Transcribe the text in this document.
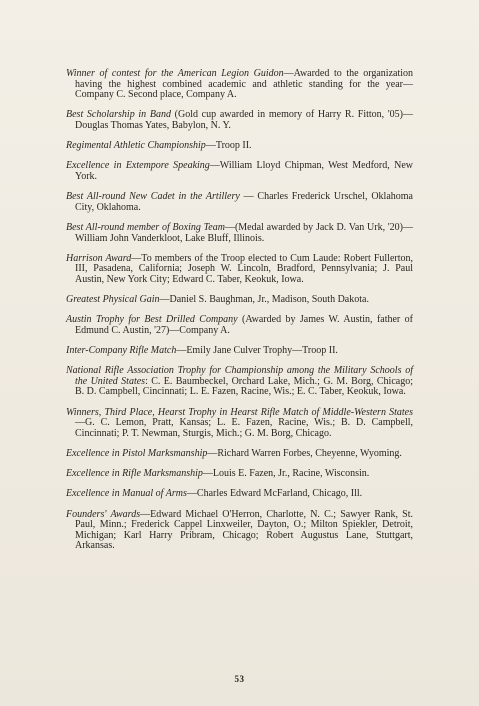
Winner of contest for the American Legion Guidon—Awarded to the organization having the highest combined academic and athletic standing for the year—Company C. Second place, Company A.
Best Scholarship in Band (Gold cup awarded in memory of Harry R. Fitton, '05)—Douglas Thomas Yates, Babylon, N. Y.
Regimental Athletic Championship—Troop II.
Excellence in Extempore Speaking—William Lloyd Chipman, West Medford, New York.
Best All-round New Cadet in the Artillery — Charles Frederick Urschel, Oklahoma City, Oklahoma.
Best All-round member of Boxing Team—(Medal awarded by Jack D. Van Urk, '20)—William John Vanderkloot, Lake Bluff, Illinois.
Harrison Award—To members of the Troop elected to Cum Laude: Robert Fullerton, III, Pasadena, California; Joseph W. Lincoln, Bradford, Pennsylvania; J. Paul Austin, New York City; Edward C. Taber, Keokuk, Iowa.
Greatest Physical Gain—Daniel S. Baughman, Jr., Madison, South Dakota.
Austin Trophy for Best Drilled Company (Awarded by James W. Austin, father of Edmund C. Austin, '27)—Company A.
Inter-Company Rifle Match—Emily Jane Culver Trophy—Troop II.
National Rifle Association Trophy for Championship among the Military Schools of the United States: C. E. Baumbeckel, Orchard Lake, Mich.; G. M. Borg, Chicago; B. D. Campbell, Cincinnati; L. E. Fazen, Racine, Wis.; E. C. Taber, Keokuk, Iowa.
Winners, Third Place, Hearst Trophy in Hearst Rifle Match of Middle-Western States—G. C. Lemon, Pratt, Kansas; L. E. Fazen, Racine, Wis.; B. D. Campbell, Cincinnati; P. T. Newman, Sturgis, Mich.; G. M. Borg, Chicago.
Excellence in Pistol Marksmanship—Richard Warren Forbes, Cheyenne, Wyoming.
Excellence in Rifle Marksmanship—Louis E. Fazen, Jr., Racine, Wisconsin.
Excellence in Manual of Arms—Charles Edward McFarland, Chicago, Ill.
Founders' Awards—Edward Michael O'Herron, Charlotte, N. C.; Sawyer Rank, St. Paul, Minn.; Frederick Cappel Linxweiler, Dayton, O.; Milton Spiekler, Detroit, Michigan; Karl Harry Pribram, Chicago; Robert Augustus Lane, Stuttgart, Arkansas.
53
